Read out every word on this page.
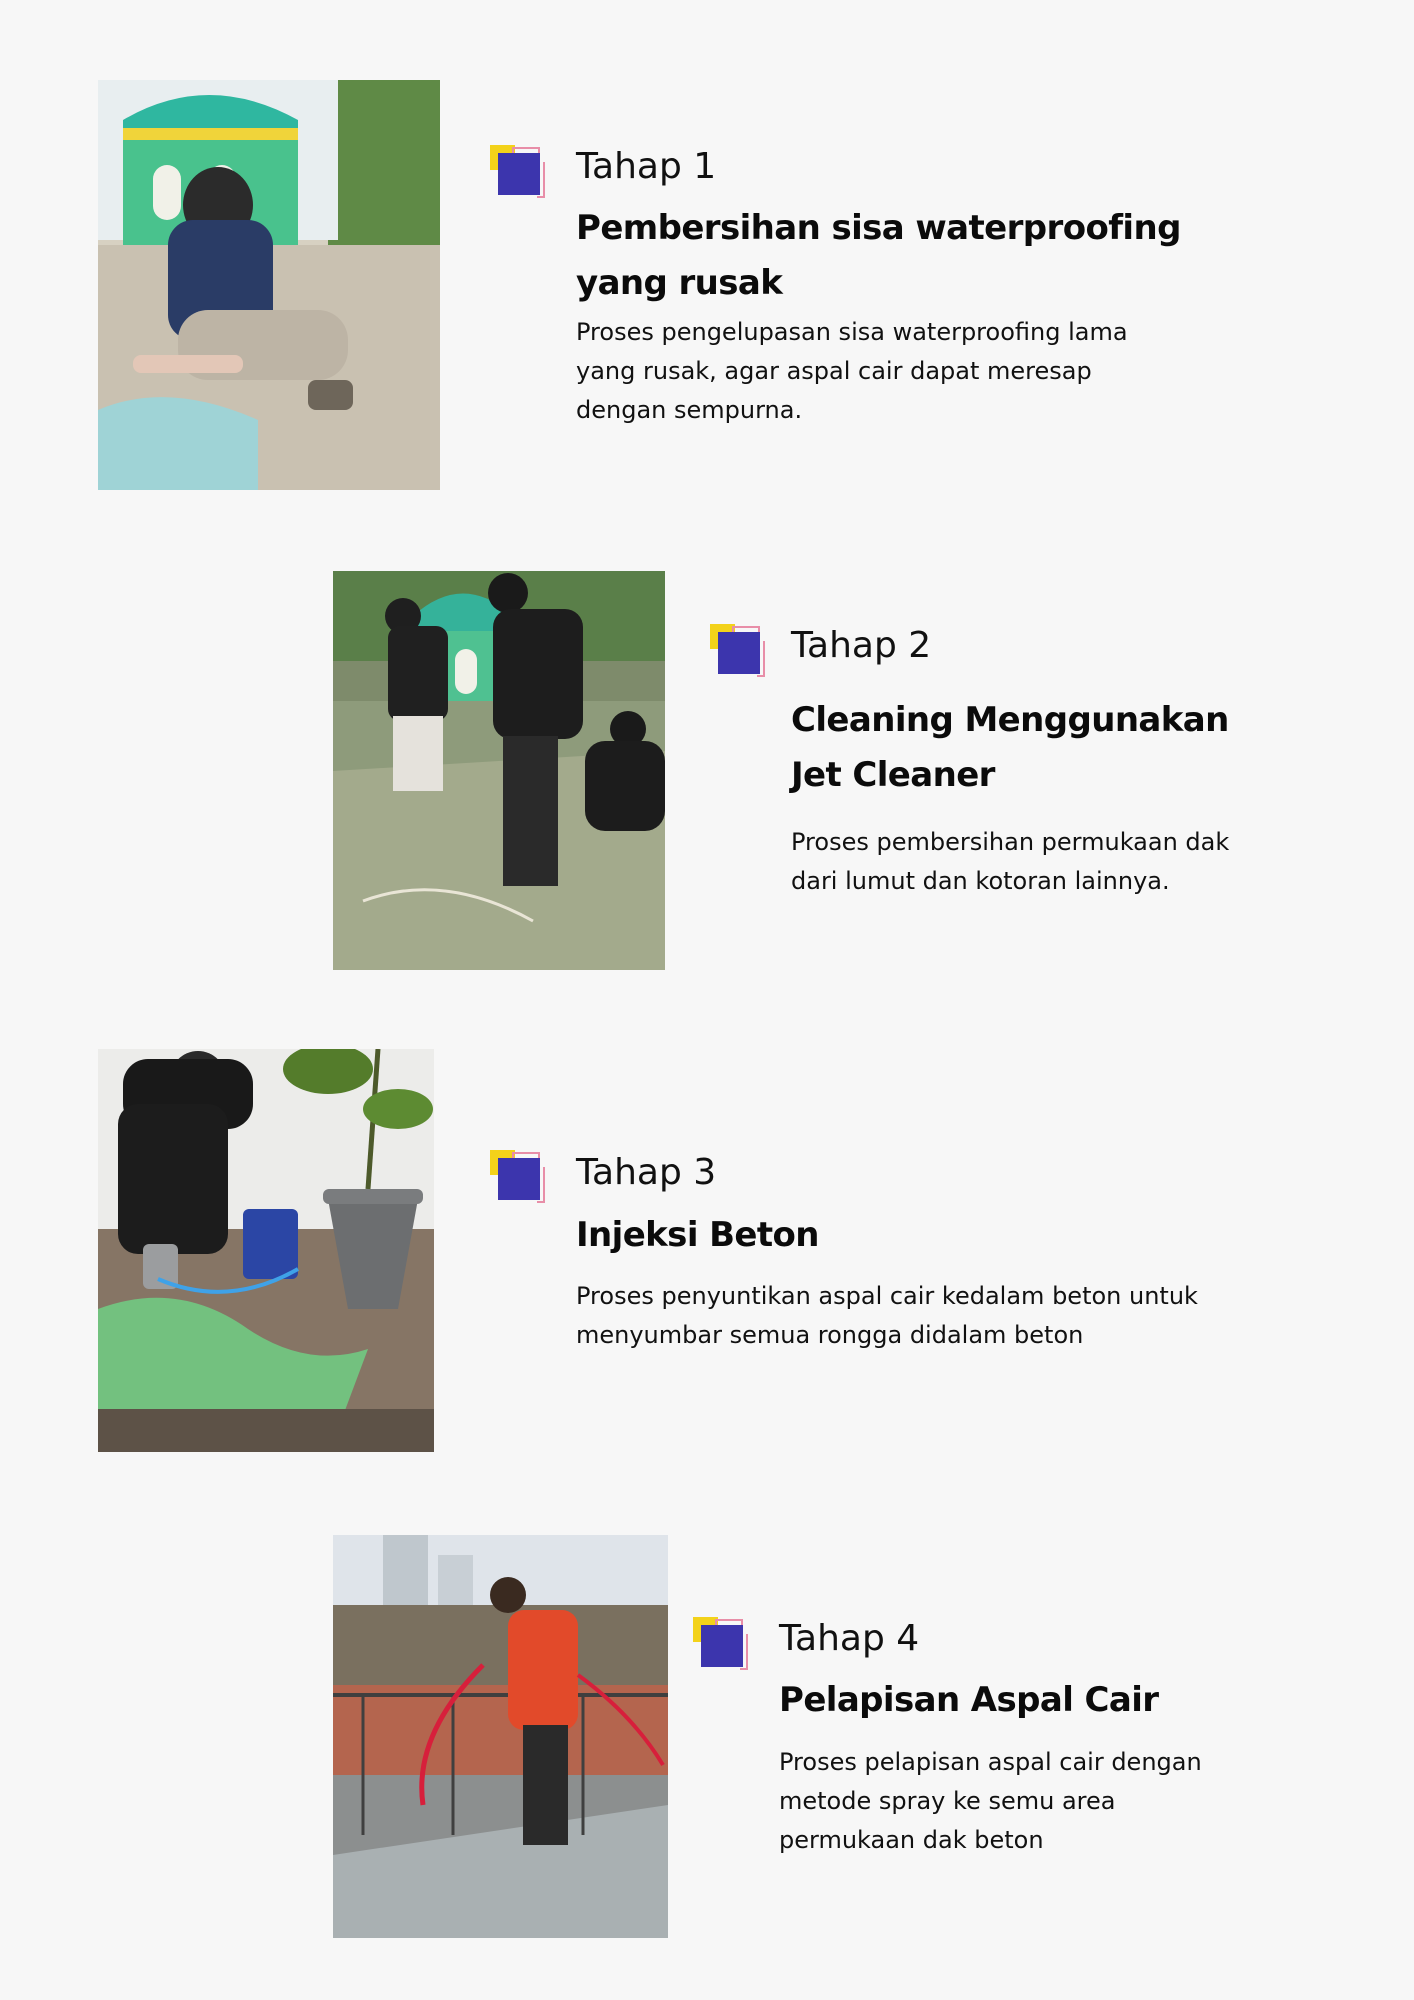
Tahap 1
Pembersihan sisa waterproofing yang rusak
Proses pengelupasan sisa waterproofing lama yang rusak, agar aspal cair dapat meresap dengan sempurna.
Tahap 2
Cleaning Menggunakan Jet Cleaner
Proses pembersihan permukaan dak dari lumut dan kotoran lainnya.
Tahap 3
Injeksi Beton
Proses penyuntikan aspal cair kedalam beton untuk menyumbar semua rongga didalam beton
Tahap 4
Pelapisan Aspal Cair
Proses pelapisan aspal cair dengan metode spray ke semu area permukaan dak beton
